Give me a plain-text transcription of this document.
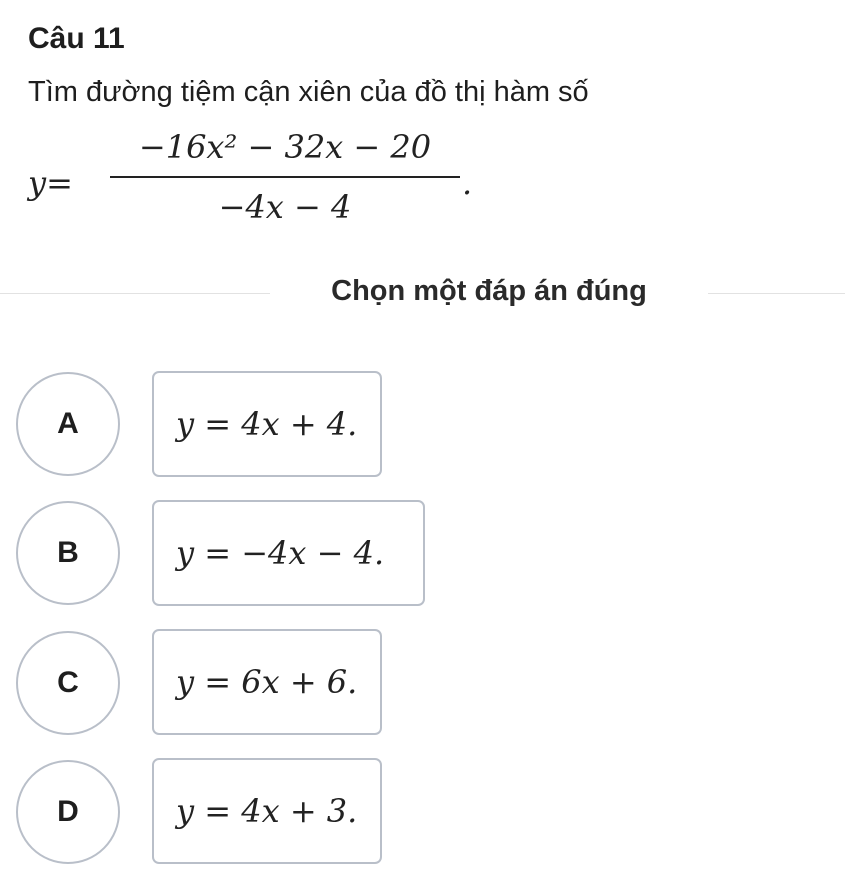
Câu 11
Tìm đường tiệm cận xiên của đồ thị hàm số
y=
−16x² − 32x − 20
−4x − 4
.
Chọn một đáp án đúng
A	y = 4x + 4.
B	y = −4x − 4.
C	y = 6x + 6.
D	y = 4x + 3.
